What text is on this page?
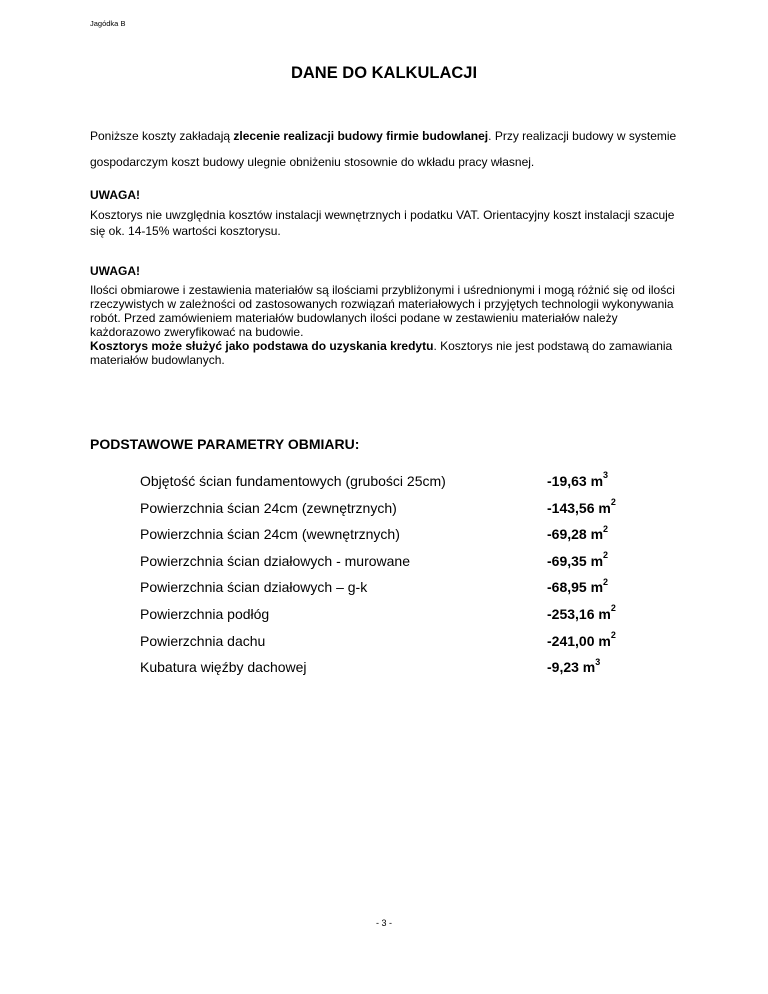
Jagódka B
DANE DO KALKULACJI
Poniższe koszty zakładają zlecenie realizacji budowy firmie budowlanej. Przy realizacji budowy w systemie gospodarczym koszt budowy ulegnie obniżeniu stosownie do wkładu pracy własnej.
UWAGA!
Kosztorys nie uwzględnia kosztów instalacji wewnętrznych i podatku VAT. Orientacyjny koszt instalacji szacuje się ok. 14-15% wartości kosztorysu.
UWAGA!
Ilości obmiarowe i zestawienia materiałów są ilościami przybliżonymi i uśrednionymi i mogą różnić się od ilości rzeczywistych w zależności od zastosowanych rozwiązań materiałowych i przyjętych technologii wykonywania robót. Przed zamówieniem materiałów budowlanych ilości podane w zestawieniu materiałów należy każdorazowo zweryfikować na budowie.
Kosztorys może służyć jako podstawa do uzyskania kredytu. Kosztorys nie jest podstawą do zamawiania materiałów budowlanych.
PODSTAWOWE PARAMETRY OBMIARU:
Objętość ścian fundamentowych (grubości 25cm)	-19,63 $m^3$
Powierzchnia ścian 24cm (zewnętrznych)	-143,56 $m^2$
Powierzchnia ścian 24cm (wewnętrznych)	-69,28 $m^2$
Powierzchnia ścian działowych - murowane	-69,35 $m^2$
Powierzchnia ścian działowych – g-k	-68,95 $m^2$
Powierzchnia podłóg	-253,16 $m^2$
Powierzchnia dachu	-241,00 $m^2$
Kubatura więźby dachowej	-9,23 $m^3$
- 3 -
